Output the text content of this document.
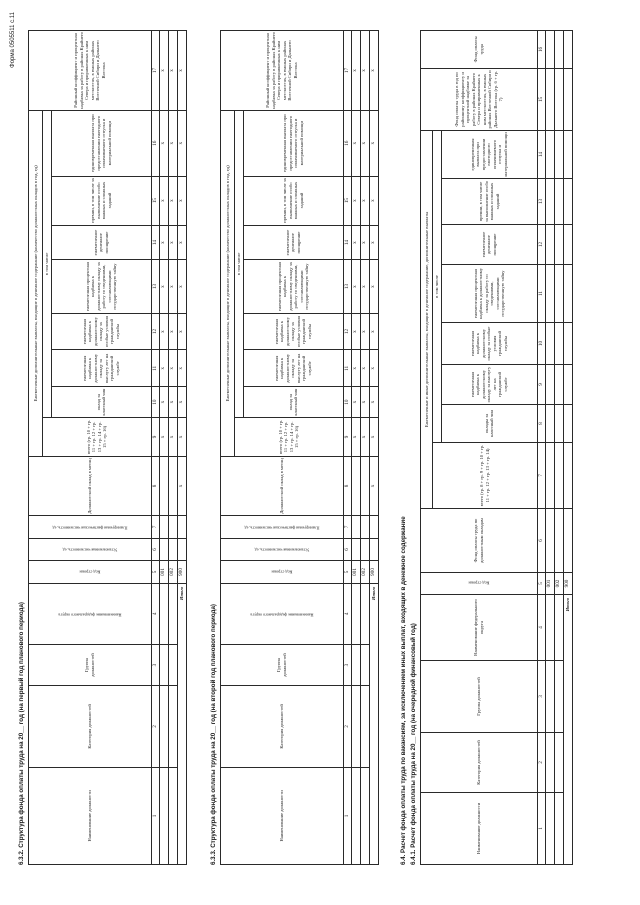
Форма 0505511 с.11
6.3.2. Структура фонда оплаты труда на 20__ год (на первый год планового периода)	Наименование должности	Категория должностей	Группа должностей	Наименование федерального округа	Код строки	Установленная численность, ед	Планируемая фактическая численность, ед	Должностной оклад в месяц	Ежемесячные дополнительные выплаты, входящие в денежное содержание (количество должностных окладов в год, ед)								Районный коэффициент и процентная надбавка за работу в районах Крайнего Севера и приравненных к ним местностях, в южных районах Восточной Сибири и Дальнего Востока
								всего (гр. 10 + гр. 11 + гр. 12 + гр. 13 + гр. 14 + гр. 15 + гр. 16)	в том числе							
									оклад за классный чин	ежемесячная надбавка к должностному окладу за выслугу лет на гражданской службе	ежемесячная надбавка к должностному окладу за особые условия гражданской службы	ежемесячная процентная надбавка к должностному окладу за работу со сведениями, составляющими государственную тайну	ежемесячное денежное поощрение	премии, в том числе за выполнение особо важных и сложных заданий	единовременная выплата при предоставлении ежегодного оплачиваемого отпуска и материальной помощи	
1	2	3	4	5	6	7	8	9	10	11	12	13	14	15	16	17
				001				x	x	x	x	x	x	x	x	x
				002				x	x	x	x	x	x	x	x	x
Итого				900			x	x	x	x	x	x	x	x	x	x
6.3.3. Структура фонда оплаты труда на 20__ год (на второй год планового периода)	Наименование должности	Категория должностей	Группа должностей	Наименование федерального округа	Код строки	Установленная численность, ед	Планируемая фактическая численность, ед	Должностной оклад в месяц	Ежемесячные дополнительные выплаты, входящие в денежное содержание (количество должностных окладов в год, ед)								Районный коэффициент и процентная надбавка за работу в районах Крайнего Севера и приравненных к ним местностях, в южных районах Восточной Сибири и Дальнего Востока
								всего (гр. 10 + гр. 11 + гр. 12 + гр. 13 + гр. 14 + гр. 15 + гр. 16)	в том числе							
									оклад за классный чин	ежемесячная надбавка к должностному окладу за выслугу лет на гражданской службе	ежемесячная надбавка к должностному окладу за особые условия гражданской службы	ежемесячная процентная надбавка к должностному окладу за работу со сведениями, составляющими государственную тайну	ежемесячное денежное поощрение	премии, в том числе за выполнение особо важных и сложных заданий	единовременная выплата при предоставлении ежегодного оплачиваемого отпуска и материальной помощи	
1	2	3	4	5	6	7	8	9	10	11	12	13	14	15	16	17
				001				x	x	x	x	x	x	x	x	x
				002				x	x	x	x	x	x	x	x	x
Итого				900			x	x	x	x	x	x	x	x	x	x
6.4. Расчет фонда оплаты труда по вакансиям, за исключением иных выплат, входящих в денежное содержание 6.4.1. Расчет фонда оплаты труда на 20__ год (на очередной финансовый год)	Наименование должности	Категория должностей	Группа должностей	Наименование федерального округа	Код строки	Фонд оплаты труда по должностным окладам	Ежемесячные и иные дополнительные выплаты, входящие в денежное содержание, дополнительные выплаты								Фонд оплаты труда в год по районному коэффициенту и процентной надбавке за работу в районах Крайнего Севера и приравненных к ним местностях, в южных районах Восточной Сибири и Дальнего Востока (гр. 6 + гр. 7)	Фонд оплаты труда
						всего (гр. 8 + гр. 9 + гр. 10 + гр. 11 + гр. 12 + гр. 13 + гр. 14)	в том числе								
							оклады за классный чин	ежемесячная надбавка к должностному окладу за выслугу лет на гражданской службе	ежемесячная надбавка к должностному окладу за особые условия гражданской службы	ежемесячная процентная надбавка к должностному окладу за работу со сведениями, составляющими государственную тайну	ежемесячное денежное поощрение	премии, в том числе за выполнение особо важных и сложных заданий	единовременная выплата при предоставлении ежегодного оплачиваемого отпуска и материальной помощи		
1	2	3	4	5	6	7	8	9	10	11	12	13	14	15	16
				001											
				002											
Итого				900											
